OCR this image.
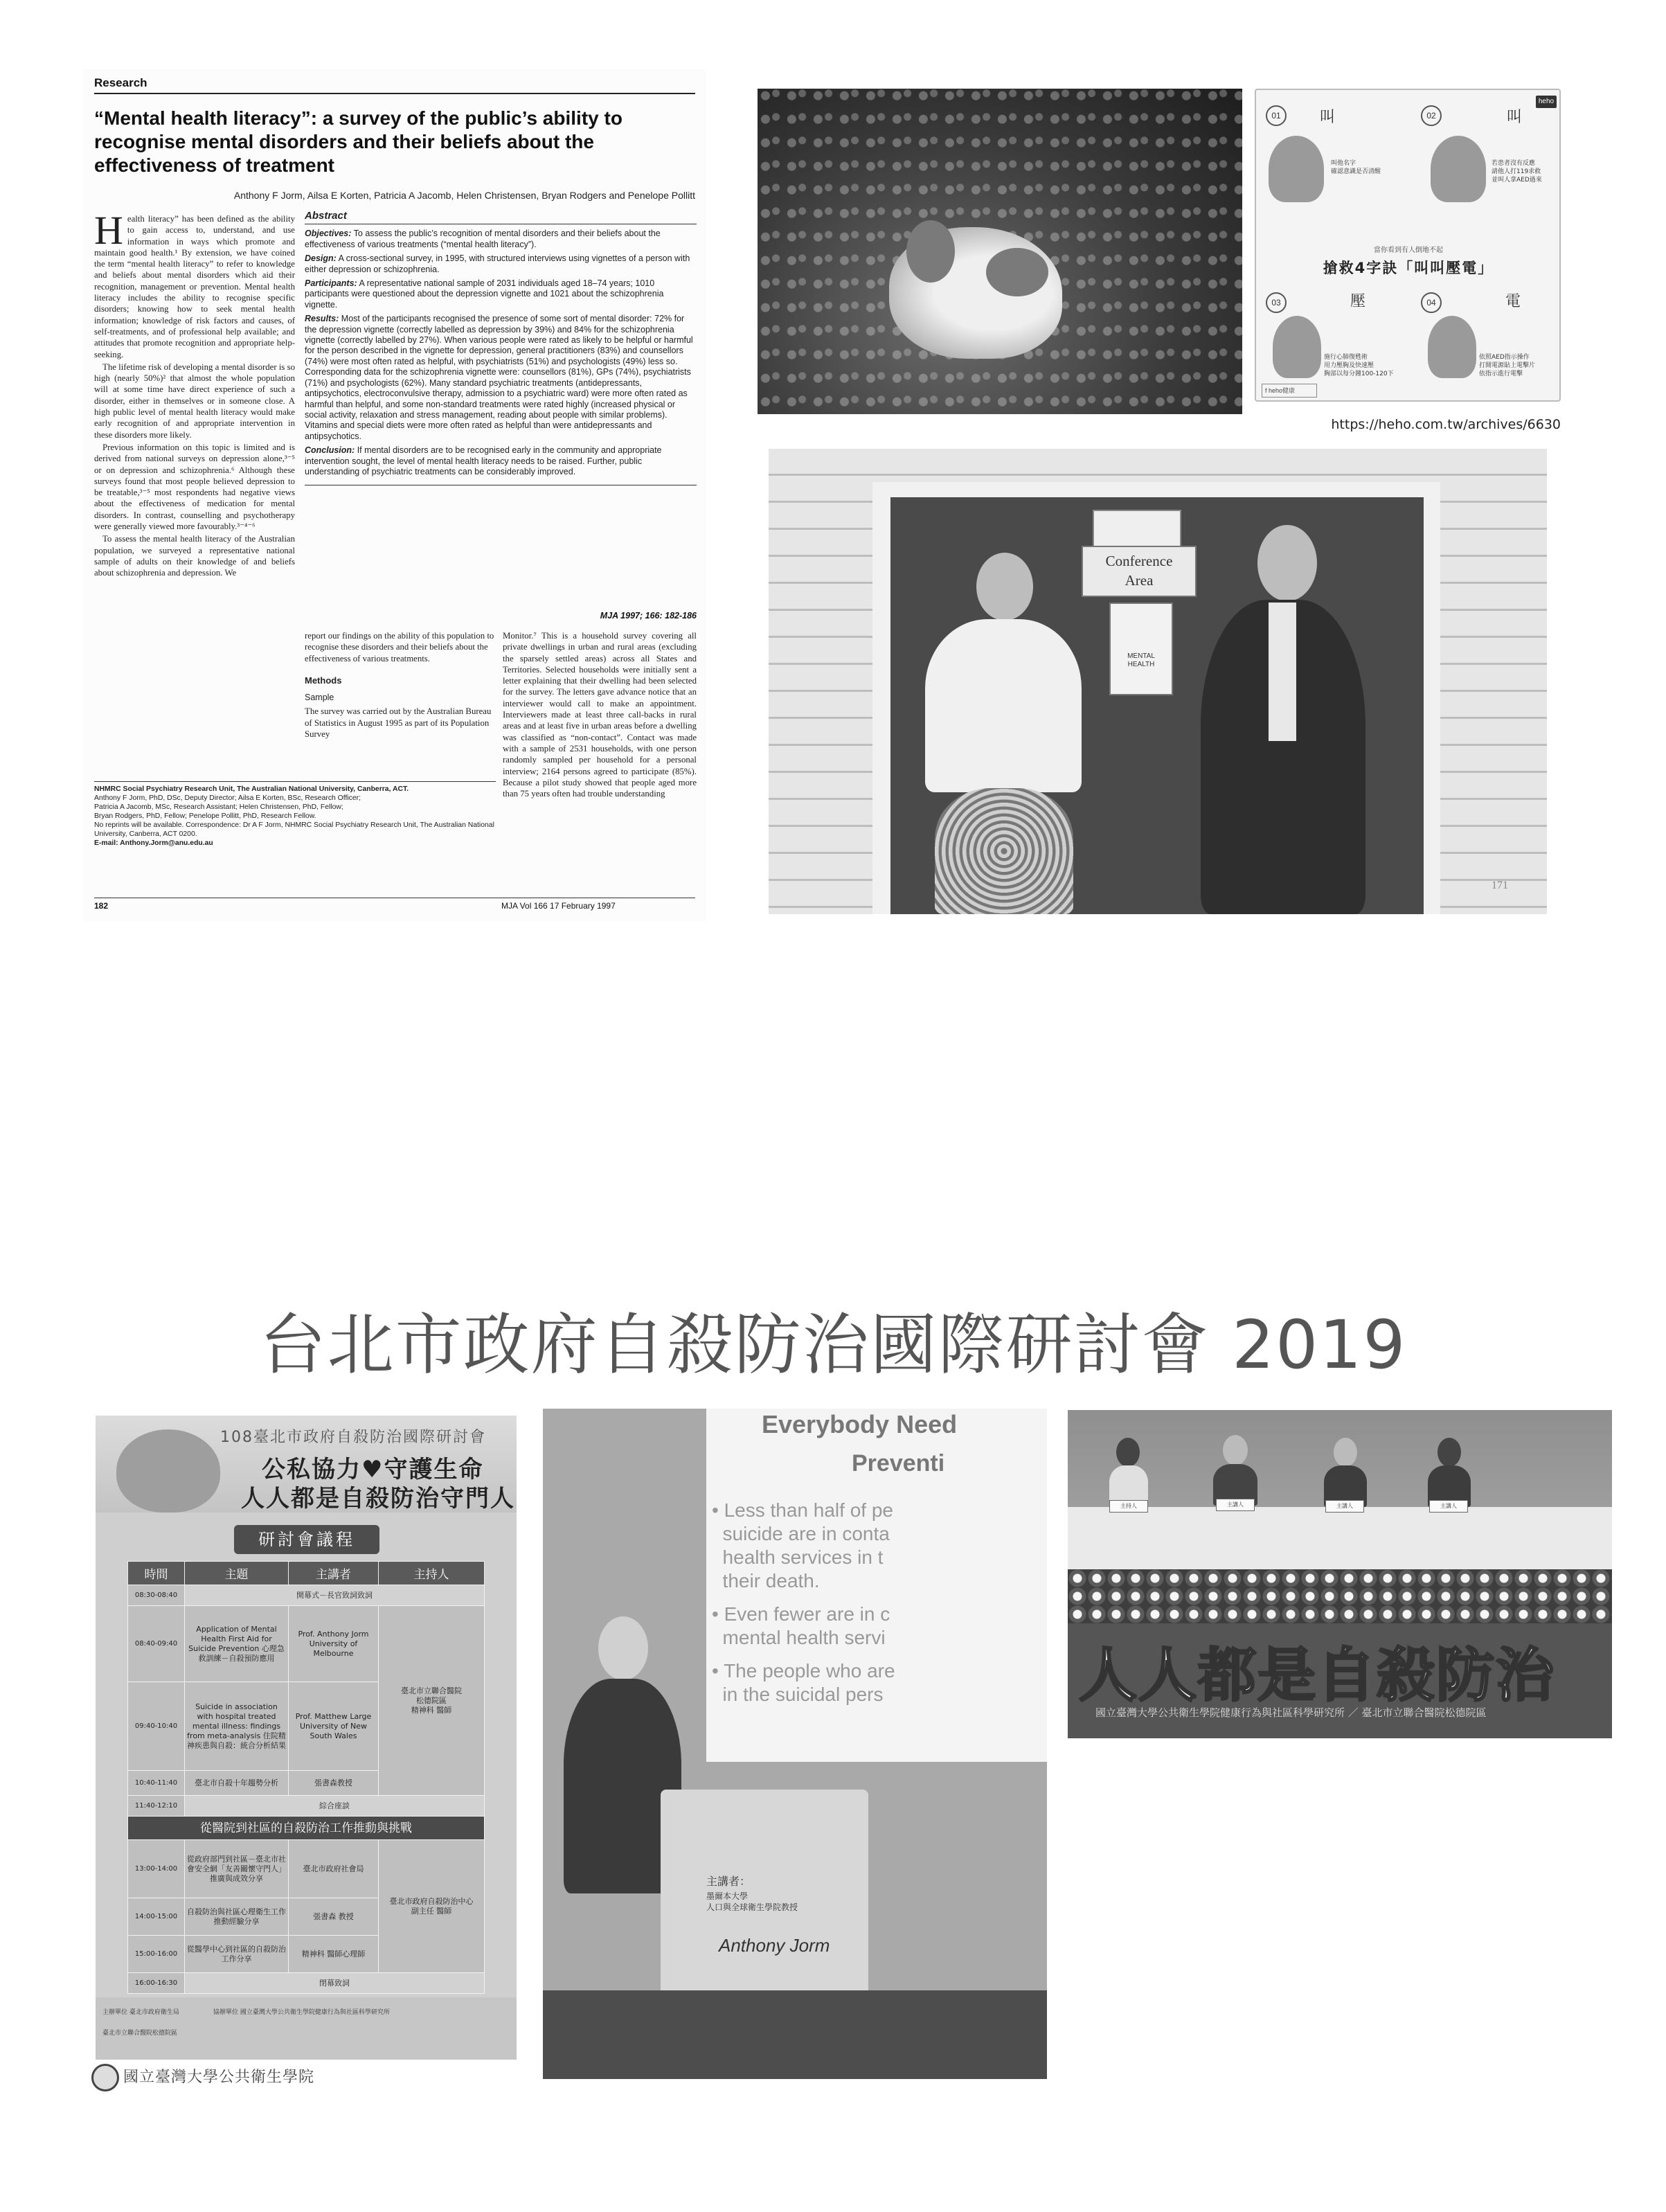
Research
“Mental health literacy”: a survey of the public’s ability to recognise mental disorders and their beliefs about the effectiveness of treatment
Anthony F Jorm, Ailsa E Korten, Patricia A Jacomb, Helen Christensen, Bryan Rodgers and Penelope Pollitt
H ealth literacy” has been defined as the ability to gain access to, understand, and use information in ways which promote and maintain good health.¹ By extension, we have coined the term “mental health literacy” to refer to knowledge and beliefs about mental disorders which aid their recognition, management or prevention. Mental health literacy includes the ability to recognise specific disorders; knowing how to seek mental health information; knowledge of risk factors and causes, of self-treatments, and of professional help available; and attitudes that promote recognition and appropriate help-seeking.

The lifetime risk of developing a mental disorder is so high (nearly 50%)² that almost the whole population will at some time have direct experience of such a disorder, either in themselves or in someone close. A high public level of mental health literacy would make early recognition of and appropriate intervention in these disorders more likely.

Previous information on this topic is limited and is derived from national surveys on depression alone,³⁻⁵ or on depression and schizophrenia.⁶ Although these surveys found that most people believed depression to be treatable,³⁻⁵ most respondents had negative views about the effectiveness of medication for mental disorders. In contrast, counselling and psychotherapy were generally viewed more favourably.³⁻⁴⁻⁶

To assess the mental health literacy of the Australian population, we surveyed a representative national sample of adults on their knowledge of and beliefs about schizophrenia and depression. We

Abstract

Objectives: To assess the public’s recognition of mental disorders and their beliefs about the effectiveness of various treatments (“mental health literacy”).

Design: A cross-sectional survey, in 1995, with structured interviews using vignettes of a person with either depression or schizophrenia.

Participants: A representative national sample of 2031 individuals aged 18–74 years; 1010 participants were questioned about the depression vignette and 1021 about the schizophrenia vignette.

Results: Most of the participants recognised the presence of some sort of mental disorder: 72% for the depression vignette (correctly labelled as depression by 39%) and 84% for the schizophrenia vignette (correctly labelled by 27%). When various people were rated as likely to be helpful or harmful for the person described in the vignette for depression, general practitioners (83%) and counsellors (74%) were most often rated as helpful, with psychiatrists (51%) and psychologists (49%) less so. Corresponding data for the schizophrenia vignette were: counsellors (81%), GPs (74%), psychiatrists (71%) and psychologists (62%). Many standard psychiatric treatments (antidepressants, antipsychotics, electroconvulsive therapy, admission to a psychiatric ward) were more often rated as harmful than helpful, and some non-standard treatments were rated highly (increased physical or social activity, relaxation and stress management, reading about people with similar problems). Vitamins and special diets were more often rated as helpful than were antidepressants and antipsychotics.

Conclusion: If mental disorders are to be recognised early in the community and appropriate intervention sought, the level of mental health literacy needs to be raised. Further, public understanding of psychiatric treatments can be considerably improved.

MJA 1997; 166: 182-186

report our findings on the ability of this population to recognise these disorders and their beliefs about the effectiveness of various treatments.

Methods
Sample

The survey was carried out by the Australian Bureau of Statistics in August 1995 as part of its Population Survey

Monitor.⁷ This is a household survey covering all private dwellings in urban and rural areas (excluding the sparsely settled areas) across all States and Territories. Selected households were initially sent a letter explaining that their dwelling had been selected for the survey. The letters gave advance notice that an interviewer would call to make an appointment. Interviewers made at least three call-backs in rural areas and at least five in urban areas before a dwelling was classified as “non-contact”. Contact was made with a sample of 2531 households, with one person randomly sampled per household for a personal interview; 2164 persons agreed to participate (85%). Because a pilot study showed that people aged more than 75 years often had trouble understanding

NHMRC Social Psychiatry Research Unit, The Australian National University, Canberra, ACT.
Anthony F Jorm, PhD, DSc, Deputy Director; Ailsa E Korten, BSc, Research Officer;
Patricia A Jacomb, MSc, Research Assistant; Helen Christensen, PhD, Fellow;
Bryan Rodgers, PhD, Fellow; Penelope Pollitt, PhD, Research Fellow.
No reprints will be available. Correspondence: Dr A F Jorm, NHMRC Social Psychiatry Research Unit, The Australian National University, Canberra, ACT 0200.
E-mail: Anthony.Jorm@anu.edu.au
182	MJA Vol 166 17 February 1997
heho
01	叫
叫他名字
確認意識是否清醒
02	叫
若患者沒有反應
請他人打119求救
並叫人拿AED過來
當你看到有人倒地不起
搶救4字訣「叫叫壓電」
03	壓
施行心肺復甦術
用力壓胸及快速壓
胸部以每分鐘100-120下
04	電
依照AED指示操作
打開電源貼上電擊片
依指示進行電擊
f heho健康
https://heho.com.tw/archives/6630
Conference
Area
MENTAL
HEALTH
171
台北市政府自殺防治國際研討會 2019
108臺北市政府自殺防治國際研討會
公私協力♥守護生命
人人都是自殺防治守門人
研討會議程
時間	主題	主講者	主持人
08:30-08:40	開幕式－長官致詞致詞		
08:40-09:40	Application of Mental Health First Aid for Suicide Prevention 心理急救訓練－自殺預防應用	Prof. Anthony Jorm University of Melbourne	臺北市立聯合醫院
松德院區
精神科 醫師
09:40-10:40	Suicide in association with hospital treated mental illness: findings from meta-analysis 住院精神疾患與自殺：統合分析結果	Prof. Matthew Large University of New South Wales	
10:40-11:40	臺北市自殺十年趨勢分析	張書森教授	
11:40-12:10	綜合座談		
從醫院到社區的自殺防治工作推動與挑戰			
13:00-14:00	從政府部門到社區－臺北市社會安全網「友善關懷守門人」推廣與成效分享	臺北市政府社會局	臺北市政府自殺防治中心
副主任 醫師
14:00-15:00	自殺防治與社區心理衛生工作推動經驗分享	張書森 教授	
15:00-16:00	從醫學中心到社區的自殺防治工作分享	精神科 醫師心理師	
16:00-16:30	閉幕致詞		
主辦單位 臺北市政府衛生局	協辦單位 國立臺灣大學公共衛生學院健康行為與社區科學研究所
臺北市立聯合醫院松德院區
國立臺灣大學公共衛生學院
Everybody Need
Preventi
• Less than half of pe
suicide are in conta
health services in t
their death.
• Even fewer are in c
mental health servi
• The people who are
in the suicidal pers
主講者：
墨爾本大學
人口與全球衛生學院教授
Anthony Jorm
主持人	主講人	主講人	主講人
人人都是自殺防治
國立臺灣大學公共衛生學院健康行為與社區科學研究所 ／ 臺北市立聯合醫院松德院區
